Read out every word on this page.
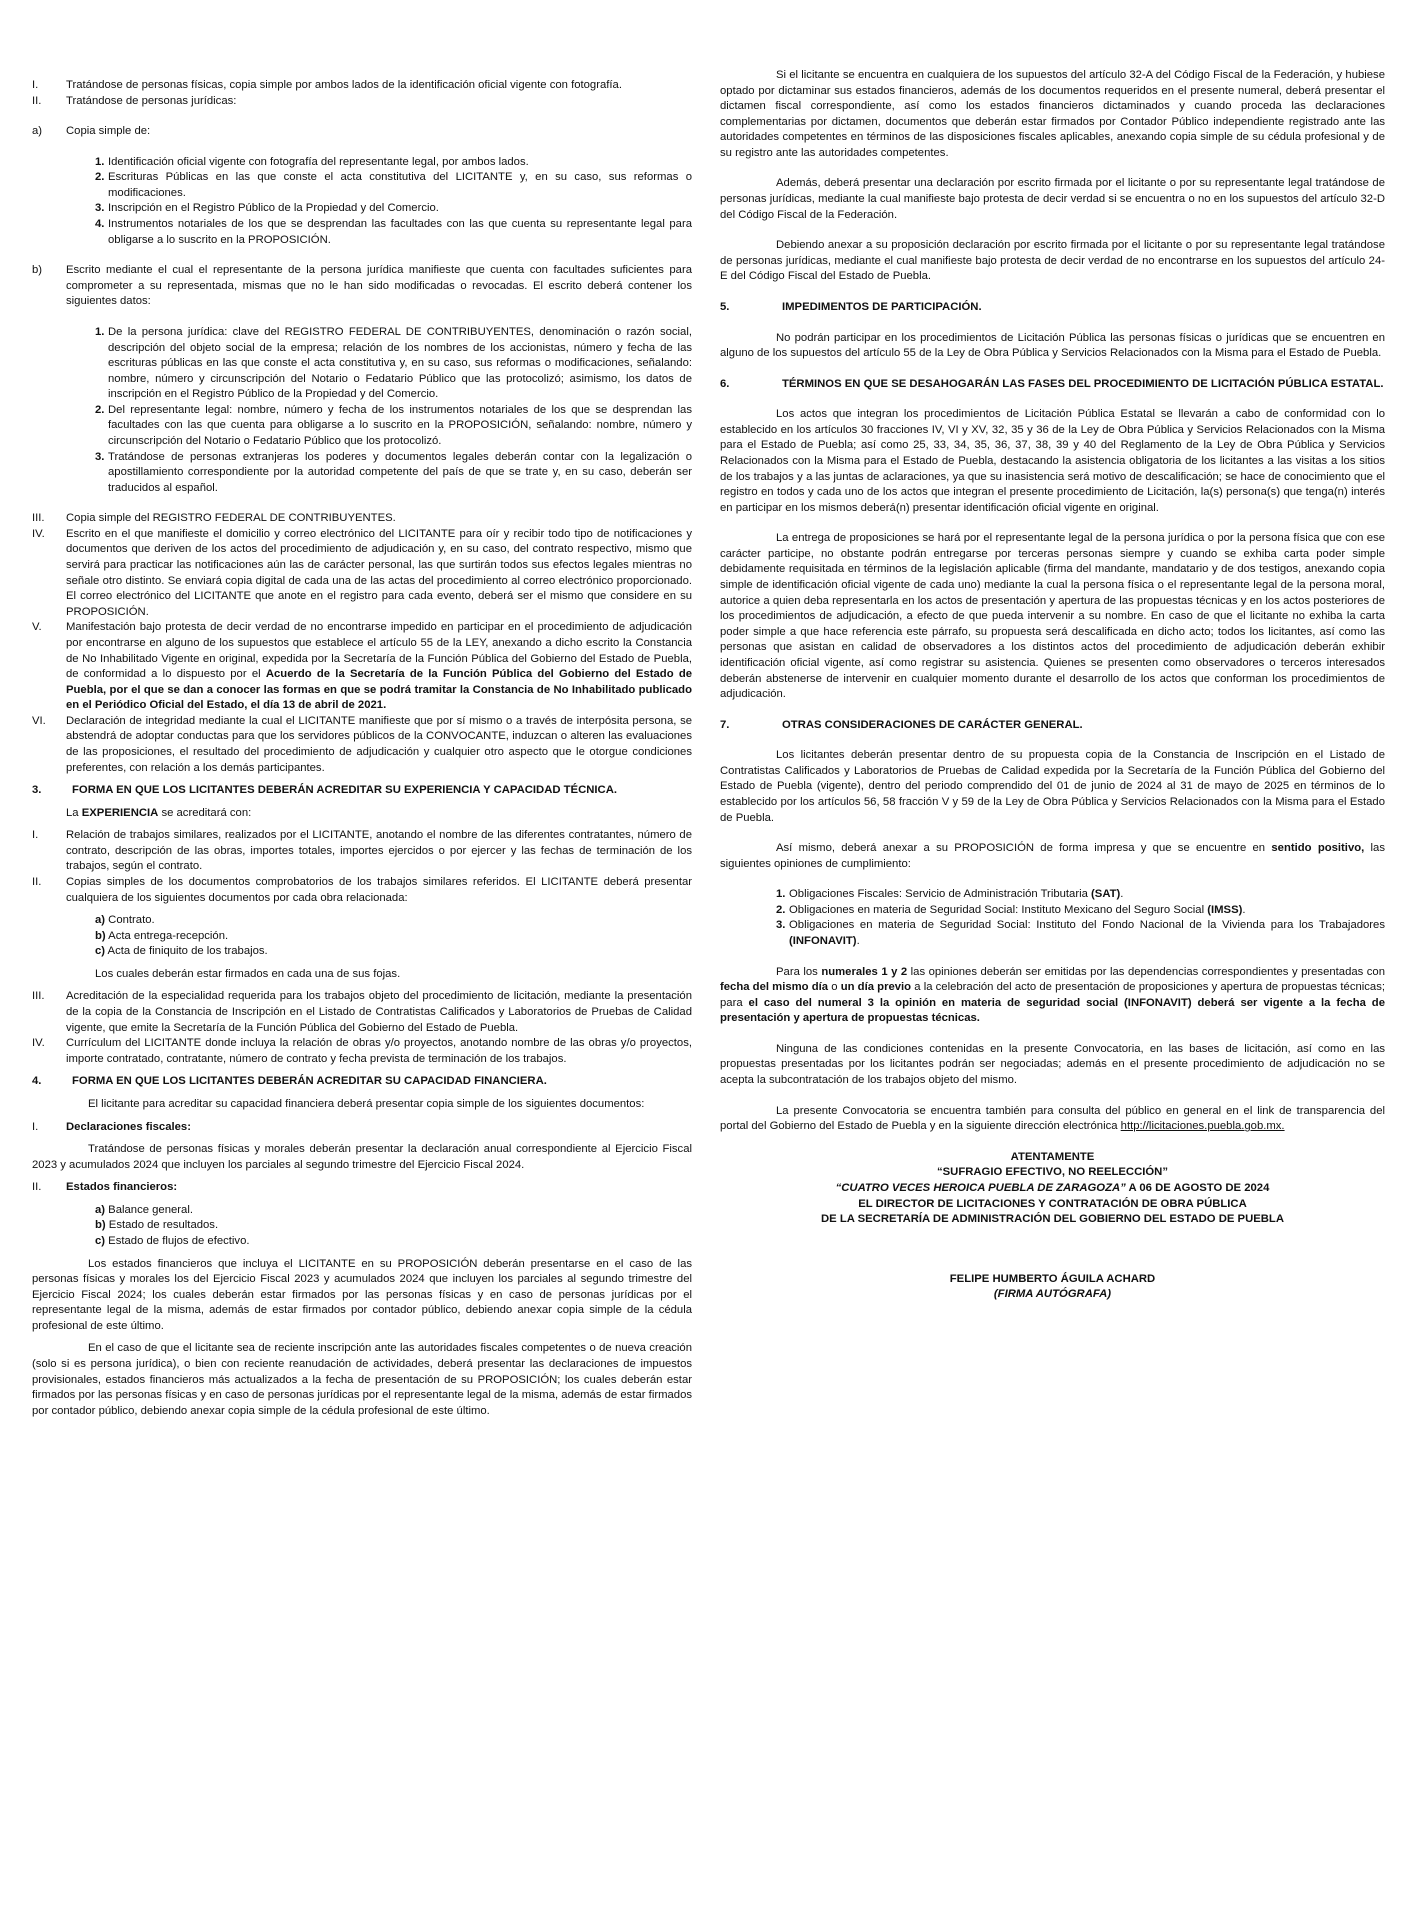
I.	Tratándose de personas físicas, copia simple por ambos lados de la identificación oficial vigente con fotografía.
II.	Tratándose de personas jurídicas:
a)	Copia simple de:
1. Identificación oficial vigente con fotografía del representante legal, por ambos lados.
2. Escrituras Públicas en las que conste el acta constitutiva del LICITANTE y, en su caso, sus reformas o modificaciones.
3. Inscripción en el Registro Público de la Propiedad y del Comercio.
4. Instrumentos notariales de los que se desprendan las facultades con las que cuenta su representante legal para obligarse a lo suscrito en la PROPOSICIÓN.
b)	Escrito mediante el cual el representante de la persona jurídica manifieste que cuenta con facultades suficientes para comprometer a su representada, mismas que no le han sido modificadas o revocadas. El escrito deberá contener los siguientes datos:
1. De la persona jurídica: clave del REGISTRO FEDERAL DE CONTRIBUYENTES, denominación o razón social, descripción del objeto social de la empresa; relación de los nombres de los accionistas, número y fecha de las escrituras públicas en las que conste el acta constitutiva y, en su caso, sus reformas o modificaciones, señalando: nombre, número y circunscripción del Notario o Fedatario Público que las protocolizó; asimismo, los datos de inscripción en el Registro Público de la Propiedad y del Comercio.
2. Del representante legal: nombre, número y fecha de los instrumentos notariales de los que se desprendan las facultades con las que cuenta para obligarse a lo suscrito en la PROPOSICIÓN, señalando: nombre, número y circunscripción del Notario o Fedatario Público que los protocolizó.
3. Tratándose de personas extranjeras los poderes y documentos legales deberán contar con la legalización o apostillamiento correspondiente por la autoridad competente del país de que se trate y, en su caso, deberán ser traducidos al español.
III.	Copia simple del REGISTRO FEDERAL DE CONTRIBUYENTES.
IV.	Escrito en el que manifieste el domicilio y correo electrónico del LICITANTE para oír y recibir todo tipo de notificaciones y documentos que deriven de los actos del procedimiento de adjudicación y, en su caso, del contrato respectivo, mismo que servirá para practicar las notificaciones aún las de carácter personal, las que surtirán todos sus efectos legales mientras no señale otro distinto. Se enviará copia digital de cada una de las actas del procedimiento al correo electrónico proporcionado. El correo electrónico del LICITANTE que anote en el registro para cada evento, deberá ser el mismo que considere en su PROPOSICIÓN.
V.	Manifestación bajo protesta de decir verdad de no encontrarse impedido en participar en el procedimiento de adjudicación por encontrarse en alguno de los supuestos que establece el artículo 55 de la LEY, anexando a dicho escrito la Constancia de No Inhabilitado Vigente en original, expedida por la Secretaría de la Función Pública del Gobierno del Estado de Puebla, de conformidad a lo dispuesto por el Acuerdo de la Secretaría de la Función Pública del Gobierno del Estado de Puebla, por el que se dan a conocer las formas en que se podrá tramitar la Constancia de No Inhabilitado publicado en el Periódico Oficial del Estado, el día 13 de abril de 2021.
VI.	Declaración de integridad mediante la cual el LICITANTE manifieste que por sí mismo o a través de interpósita persona, se abstendrá de adoptar conductas para que los servidores públicos de la CONVOCANTE, induzcan o alteren las evaluaciones de las proposiciones, el resultado del procedimiento de adjudicación y cualquier otro aspecto que le otorgue condiciones preferentes, con relación a los demás participantes.
3.	FORMA EN QUE LOS LICITANTES DEBERÁN ACREDITAR SU EXPERIENCIA Y CAPACIDAD TÉCNICA.

La EXPERIENCIA se acreditará con:

I.	Relación de trabajos similares, realizados por el LICITANTE, anotando el nombre de las diferentes contratantes, número de contrato, descripción de las obras, importes totales, importes ejercidos o por ejercer y las fechas de terminación de los trabajos, según el contrato.
II.	Copias simples de los documentos comprobatorios de los trabajos similares referidos. El LICITANTE deberá presentar cualquiera de los siguientes documentos por cada obra relacionada:

a) Contrato.

b) Acta entrega-recepción.

c) Acta de finiquito de los trabajos.

Los cuales deberán estar firmados en cada una de sus fojas.

III.	Acreditación de la especialidad requerida para los trabajos objeto del procedimiento de licitación, mediante la presentación de la copia de la Constancia de Inscripción en el Listado de Contratistas Calificados y Laboratorios de Pruebas de Calidad vigente, que emite la Secretaría de la Función Pública del Gobierno del Estado de Puebla.
IV.	Currículum del LICITANTE donde incluya la relación de obras y/o proyectos, anotando nombre de las obras y/o proyectos, importe contratado, contratante, número de contrato y fecha prevista de terminación de los trabajos.
4.	FORMA EN QUE LOS LICITANTES DEBERÁN ACREDITAR SU CAPACIDAD FINANCIERA.

El licitante para acreditar su capacidad financiera deberá presentar copia simple de los siguientes documentos:

I.	Declaraciones fiscales:

Tratándose de personas físicas y morales deberán presentar la declaración anual correspondiente al Ejercicio Fiscal 2023 y acumulados 2024 que incluyen los parciales al segundo trimestre del Ejercicio Fiscal 2024.

II.	Estados financieros:

a) Balance general.

b) Estado de resultados.

c) Estado de flujos de efectivo.

Los estados financieros que incluya el LICITANTE en su PROPOSICIÓN deberán presentarse en el caso de las personas físicas y morales los del Ejercicio Fiscal 2023 y acumulados 2024 que incluyen los parciales al segundo trimestre del Ejercicio Fiscal 2024; los cuales deberán estar firmados por las personas físicas y en caso de personas jurídicas por el representante legal de la misma, además de estar firmados por contador público, debiendo anexar copia simple de la cédula profesional de este último.

En el caso de que el licitante sea de reciente inscripción ante las autoridades fiscales competentes o de nueva creación (solo si es persona jurídica), o bien con reciente reanudación de actividades, deberá presentar las declaraciones de impuestos provisionales, estados financieros más actualizados a la fecha de presentación de su PROPOSICIÓN; los cuales deberán estar firmados por las personas físicas y en caso de personas jurídicas por el representante legal de la misma, además de estar firmados por contador público, debiendo anexar copia simple de la cédula profesional de este último.

Si el licitante se encuentra en cualquiera de los supuestos del artículo 32-A del Código Fiscal de la Federación, y hubiese optado por dictaminar sus estados financieros, además de los documentos requeridos en el presente numeral, deberá presentar el dictamen fiscal correspondiente, así como los estados financieros dictaminados y cuando proceda las declaraciones complementarias por dictamen, documentos que deberán estar firmados por Contador Público independiente registrado ante las autoridades competentes en términos de las disposiciones fiscales aplicables, anexando copia simple de su cédula profesional y de su registro ante las autoridades competentes.

Además, deberá presentar una declaración por escrito firmada por el licitante o por su representante legal tratándose de personas jurídicas, mediante la cual manifieste bajo protesta de decir verdad si se encuentra o no en los supuestos del artículo 32-D del Código Fiscal de la Federación.

Debiendo anexar a su proposición declaración por escrito firmada por el licitante o por su representante legal tratándose de personas jurídicas, mediante el cual manifieste bajo protesta de decir verdad de no encontrarse en los supuestos del artículo 24-E del Código Fiscal del Estado de Puebla.

5.	IMPEDIMENTOS DE PARTICIPACIÓN.

No podrán participar en los procedimientos de Licitación Pública las personas físicas o jurídicas que se encuentren en alguno de los supuestos del artículo 55 de la Ley de Obra Pública y Servicios Relacionados con la Misma para el Estado de Puebla.

6.	TÉRMINOS EN QUE SE DESAHOGARÁN LAS FASES DEL PROCEDIMIENTO DE LICITACIÓN PÚBLICA ESTATAL.

Los actos que integran los procedimientos de Licitación Pública Estatal se llevarán a cabo de conformidad con lo establecido en los artículos 30 fracciones IV, VI y XV, 32, 35 y 36 de la Ley de Obra Pública y Servicios Relacionados con la Misma para el Estado de Puebla; así como 25, 33, 34, 35, 36, 37, 38, 39 y 40 del Reglamento de la Ley de Obra Pública y Servicios Relacionados con la Misma para el Estado de Puebla, destacando la asistencia obligatoria de los licitantes a las visitas a los sitios de los trabajos y a las juntas de aclaraciones, ya que su inasistencia será motivo de descalificación; se hace de conocimiento que el registro en todos y cada uno de los actos que integran el presente procedimiento de Licitación, la(s) persona(s) que tenga(n) interés en participar en los mismos deberá(n) presentar identificación oficial vigente en original.

La entrega de proposiciones se hará por el representante legal de la persona jurídica o por la persona física que con ese carácter participe, no obstante podrán entregarse por terceras personas siempre y cuando se exhiba carta poder simple debidamente requisitada en términos de la legislación aplicable (firma del mandante, mandatario y de dos testigos, anexando copia simple de identificación oficial vigente de cada uno) mediante la cual la persona física o el representante legal de la persona moral, autorice a quien deba representarla en los actos de presentación y apertura de las propuestas técnicas y en los actos posteriores de los procedimientos de adjudicación, a efecto de que pueda intervenir a su nombre. En caso de que el licitante no exhiba la carta poder simple a que hace referencia este párrafo, su propuesta será descalificada en dicho acto; todos los licitantes, así como las personas que asistan en calidad de observadores a los distintos actos del procedimiento de adjudicación deberán exhibir identificación oficial vigente, así como registrar su asistencia. Quienes se presenten como observadores o terceros interesados deberán abstenerse de intervenir en cualquier momento durante el desarrollo de los actos que conforman los procedimientos de adjudicación.

7.	OTRAS CONSIDERACIONES DE CARÁCTER GENERAL.

Los licitantes deberán presentar dentro de su propuesta copia de la Constancia de Inscripción en el Listado de Contratistas Calificados y Laboratorios de Pruebas de Calidad expedida por la Secretaría de la Función Pública del Gobierno del Estado de Puebla (vigente), dentro del periodo comprendido del 01 de junio de 2024 al 31 de mayo de 2025 en términos de lo establecido por los artículos 56, 58 fracción V y 59 de la Ley de Obra Pública y Servicios Relacionados con la Misma para el Estado de Puebla.

Así mismo, deberá anexar a su PROPOSICIÓN de forma impresa y que se encuentre en sentido positivo, las siguientes opiniones de cumplimiento:

1. Obligaciones Fiscales: Servicio de Administración Tributaria (SAT).
2. Obligaciones en materia de Seguridad Social: Instituto Mexicano del Seguro Social (IMSS).
3. Obligaciones en materia de Seguridad Social: Instituto del Fondo Nacional de la Vivienda para los Trabajadores (INFONAVIT).

Para los numerales 1 y 2 las opiniones deberán ser emitidas por las dependencias correspondientes y presentadas con fecha del mismo día o un día previo a la celebración del acto de presentación de proposiciones y apertura de propuestas técnicas; para el caso del numeral 3 la opinión en materia de seguridad social (INFONAVIT) deberá ser vigente a la fecha de presentación y apertura de propuestas técnicas.

Ninguna de las condiciones contenidas en la presente Convocatoria, en las bases de licitación, así como en las propuestas presentadas por los licitantes podrán ser negociadas; además en el presente procedimiento de adjudicación no se acepta la subcontratación de los trabajos objeto del mismo.

La presente Convocatoria se encuentra también para consulta del público en general en el link de transparencia del portal del Gobierno del Estado de Puebla y en la siguiente dirección electrónica http://licitaciones.puebla.gob.mx.

ATENTAMENTE

“SUFRAGIO EFECTIVO, NO REELECCIÓN”

“CUATRO VECES HEROICA PUEBLA DE ZARAGOZA” A 06 DE AGOSTO DE 2024

EL DIRECTOR DE LICITACIONES Y CONTRATACIÓN DE OBRA PÚBLICA

DE LA SECRETARÍA DE ADMINISTRACIÓN DEL GOBIERNO DEL ESTADO DE PUEBLA

FELIPE HUMBERTO ÁGUILA ACHARD

(FIRMA AUTÓGRAFA)
